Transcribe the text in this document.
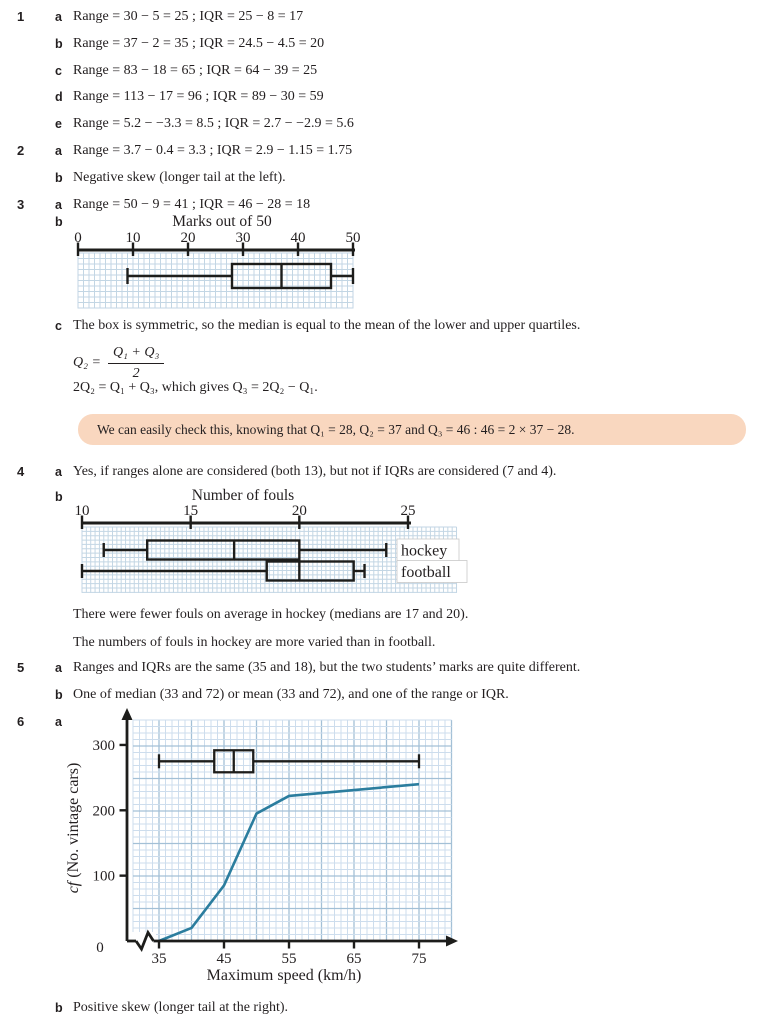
1 a Range = 30 − 5 = 25 ; IQR = 25 − 8 = 17
b Range = 37 − 2 = 35 ; IQR = 24.5 − 4.5 = 20
c Range = 83 − 18 = 65 ; IQR = 64 − 39 = 25
d Range = 113 − 17 = 96 ; IQR = 89 − 30 = 59
e Range = 5.2 − −3.3 = 8.5 ; IQR = 2.7 − −2.9 = 5.6
2 a Range = 3.7 − 0.4 = 3.3 ; IQR = 2.9 − 1.15 = 1.75
b Negative skew (longer tail at the left).
3 a Range = 50 − 9 = 41 ; IQR = 46 − 28 = 18
b	Marks out of 50
0	10	20	30	40	50
c The box is symmetric, so the median is equal to the mean of the lower and upper quartiles.
$Q_2 = \frac{\text{Q₁ + Q₃}}{2}$
2Q₂ = Q₁ + Q₃, which gives Q₃ = 2Q₂ − Q₁.
We can easily check this, knowing that Q₁ = 28, Q₂ = 37 and Q₃ = 46 : 46 = 2 × 37 − 28.
4 a Yes, if ranges alone are considered (both 13), but not if IQRs are considered (7 and 4).
b	Number of fouls
10	15	20	25
hockey
football
There were fewer fouls on average in hockey (medians are 17 and 20).
The numbers of fouls in hockey are more varied than in football.
5 a Ranges and IQRs are the same (35 and 18), but the two students’ marks are quite different.
b One of median (33 and 72) or mean (33 and 72), and one of the range or IQR.
6 a
35	45	55	65	75
100
200
300
0
Maximum speed (km/h)
cf (No. vintage cars)
b Positive skew (longer tail at the right).
